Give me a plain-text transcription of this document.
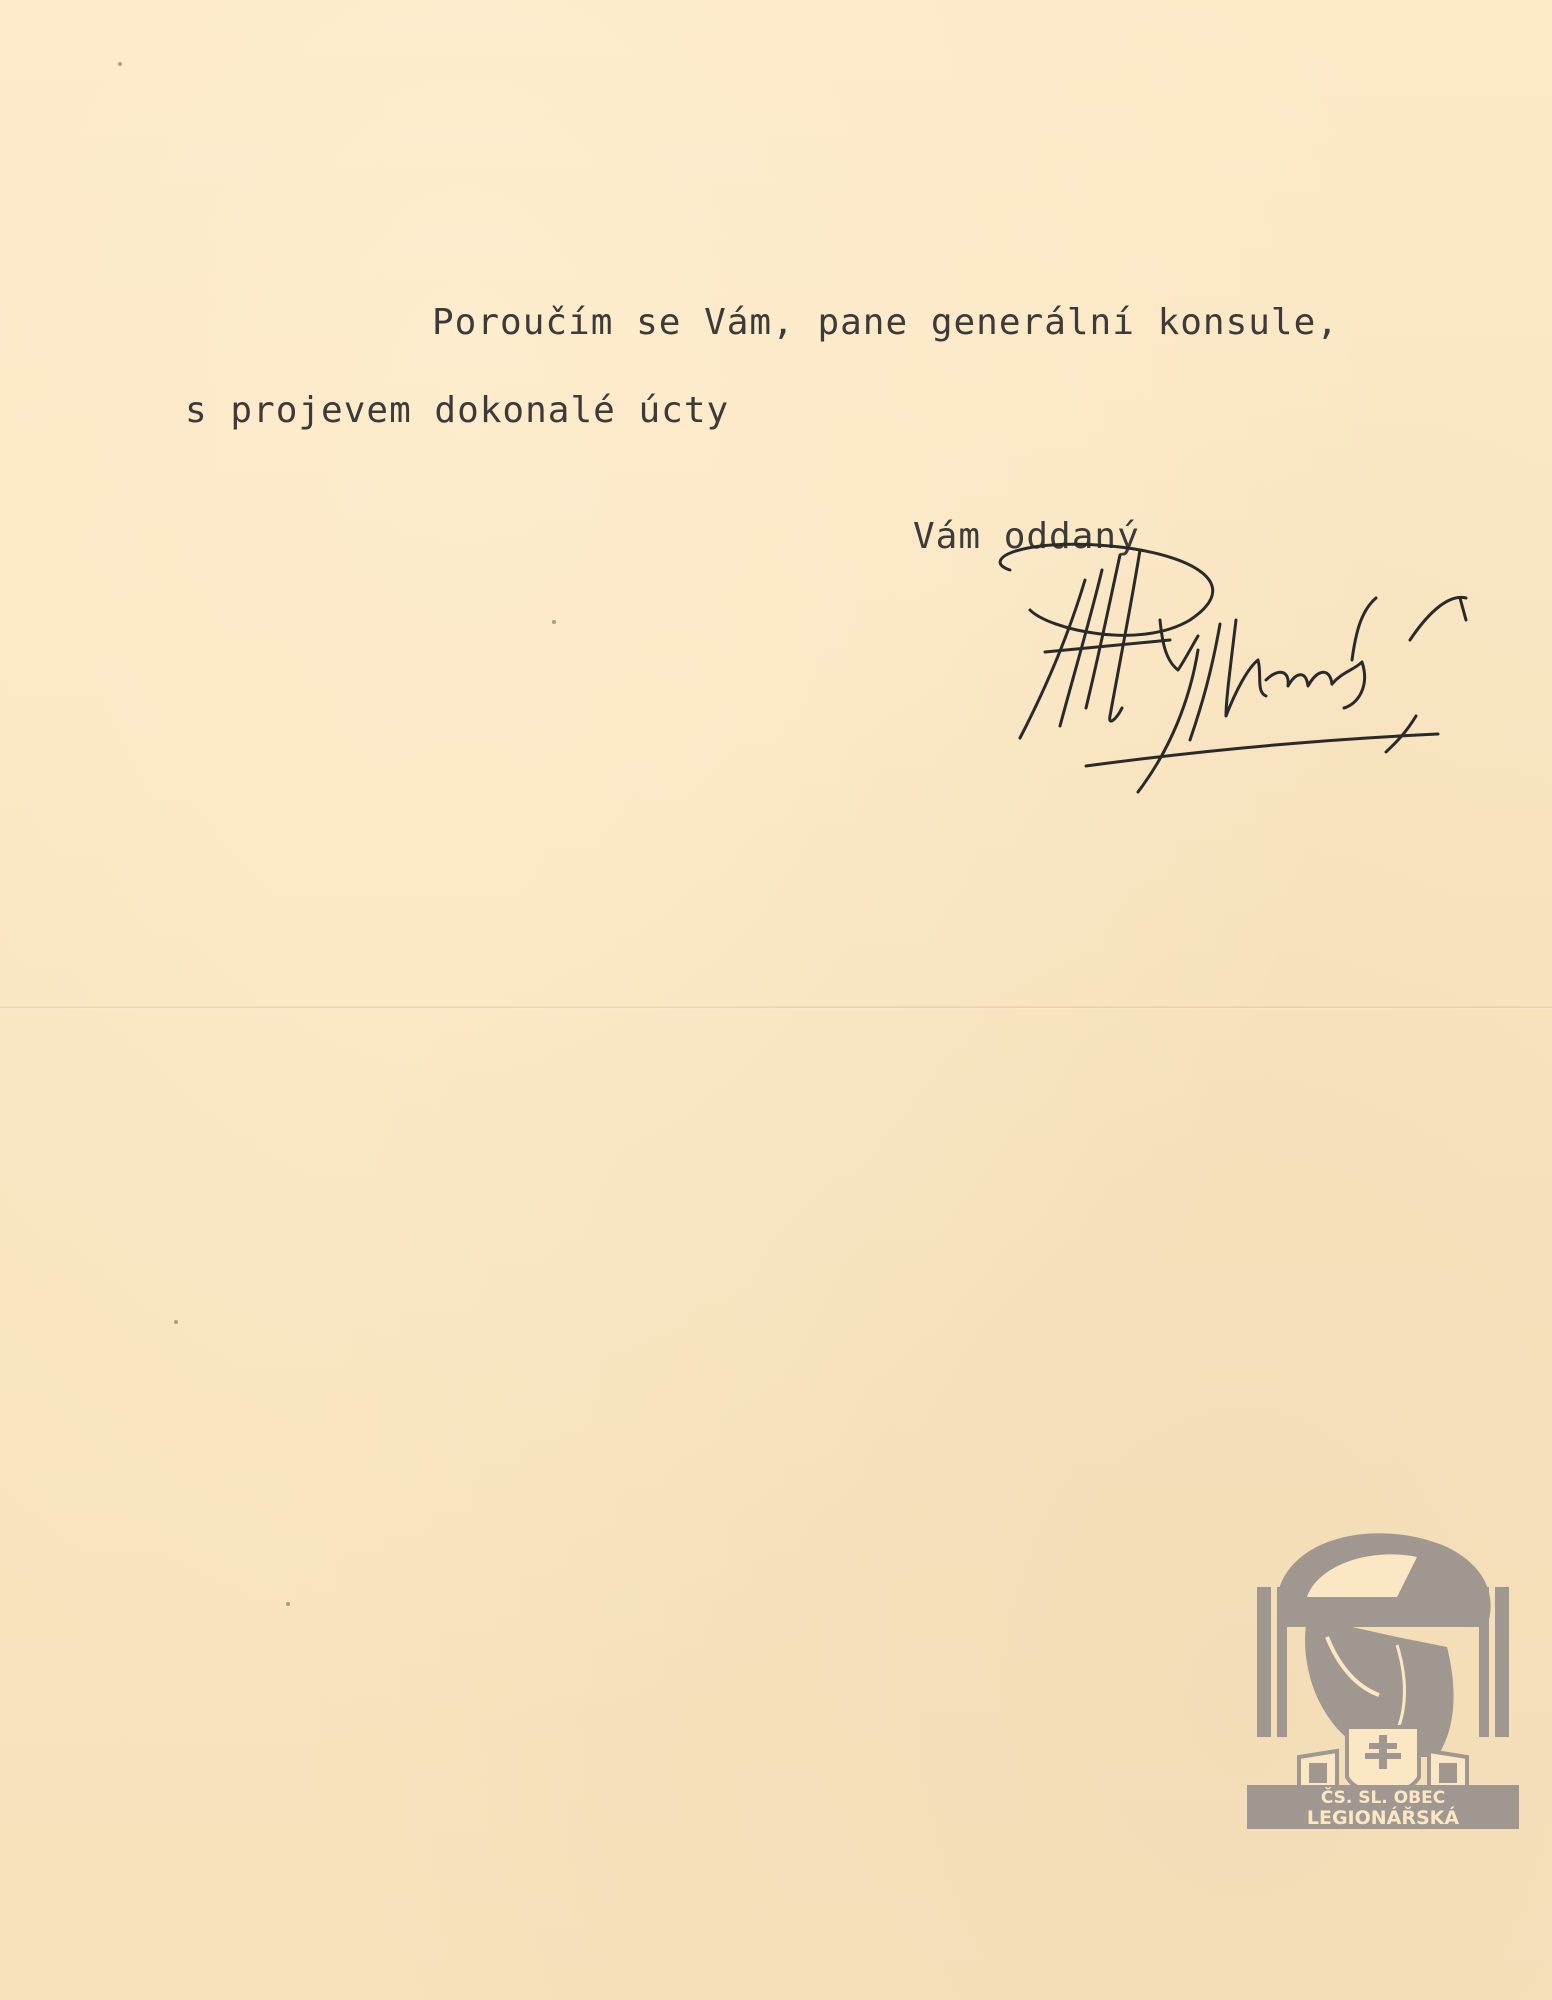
Poroučím se Vám, pane generální konsule,

s projevem dokonalé úcty

Vám oddaný

ČS. SL. OBEC
LEGIONÁŘSKÁ
